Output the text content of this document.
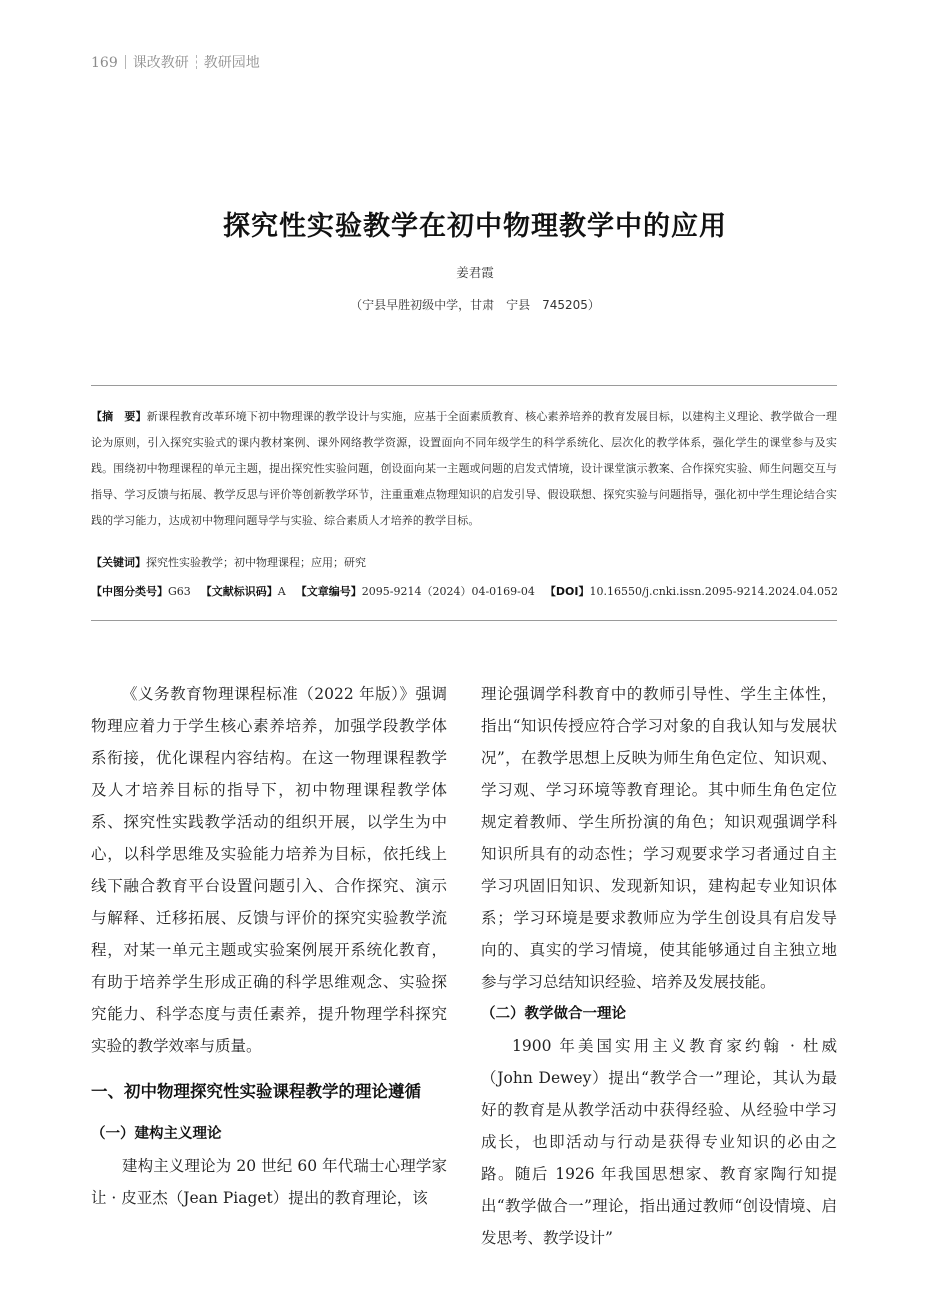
169 课改教研 教研园地
探究性实验教学在初中物理教学中的应用
姜君霞
（宁县早胜初级中学，甘肃　宁县　745205）
【摘　要】新课程教育改革环境下初中物理课的教学设计与实施，应基于全面素质教育、核心素养培养的教育发展目标，以建构主义理论、教学做合一理论为原则，引入探究实验式的课内教材案例、课外网络教学资源，设置面向不同年级学生的科学系统化、层次化的教学体系，强化学生的课堂参与及实践。围绕初中物理课程的单元主题，提出探究性实验问题，创设面向某一主题或问题的启发式情境，设计课堂演示教案、合作探究实验、师生问题交互与指导、学习反馈与拓展、教学反思与评价等创新教学环节，注重重难点物理知识的启发引导、假设联想、探究实验与问题指导，强化初中学生理论结合实践的学习能力，达成初中物理问题导学与实验、综合素质人才培养的教学目标。
【关键词】探究性实验教学；初中物理课程；应用；研究
【中图分类号】G63 【文献标识码】A 【文章编号】2095-9214（2024）04-0169-04 【DOI】10.16550/j.cnki.issn.2095-9214.2024.04.052

《义务教育物理课程标准（2022 年版）》强调物理应着力于学生核心素养培养，加强学段教学体系衔接，优化课程内容结构。在这一物理课程教学及人才培养目标的指导下，初中物理课程教学体系、探究性实践教学活动的组织开展，以学生为中心，以科学思维及实验能力培养为目标，依托线上线下融合教育平台设置问题引入、合作探究、演示与解释、迁移拓展、反馈与评价的探究实验教学流程，对某一单元主题或实验案例展开系统化教育，有助于培养学生形成正确的科学思维观念、实验探究能力、科学态度与责任素养，提升物理学科探究实验的教学效率与质量。

一、初中物理探究性实验课程教学的理论遵循
（一）建构主义理论

建构主义理论为 20 世纪 60 年代瑞士心理学家让 · 皮亚杰（Jean Piaget）提出的教育理论，该

理论强调学科教育中的教师引导性、学生主体性，指出“知识传授应符合学习对象的自我认知与发展状况”，在教学思想上反映为师生角色定位、知识观、学习观、学习环境等教育理论。其中师生角色定位规定着教师、学生所扮演的角色；知识观强调学科知识所具有的动态性；学习观要求学习者通过自主学习巩固旧知识、发现新知识，建构起专业知识体系；学习环境是要求教师应为学生创设具有启发导向的、真实的学习情境，使其能够通过自主独立地参与学习总结知识经验、培养及发展技能。

（二）教学做合一理论

1900 年美国实用主义教育家约翰 · 杜威（John Dewey）提出“教学合一”理论，其认为最好的教育是从教学活动中获得经验、从经验中学习成长，也即活动与行动是获得专业知识的必由之路。随后 1926 年我国思想家、教育家陶行知提出“教学做合一”理论，指出通过教师“创设情境、启发思考、教学设计”
